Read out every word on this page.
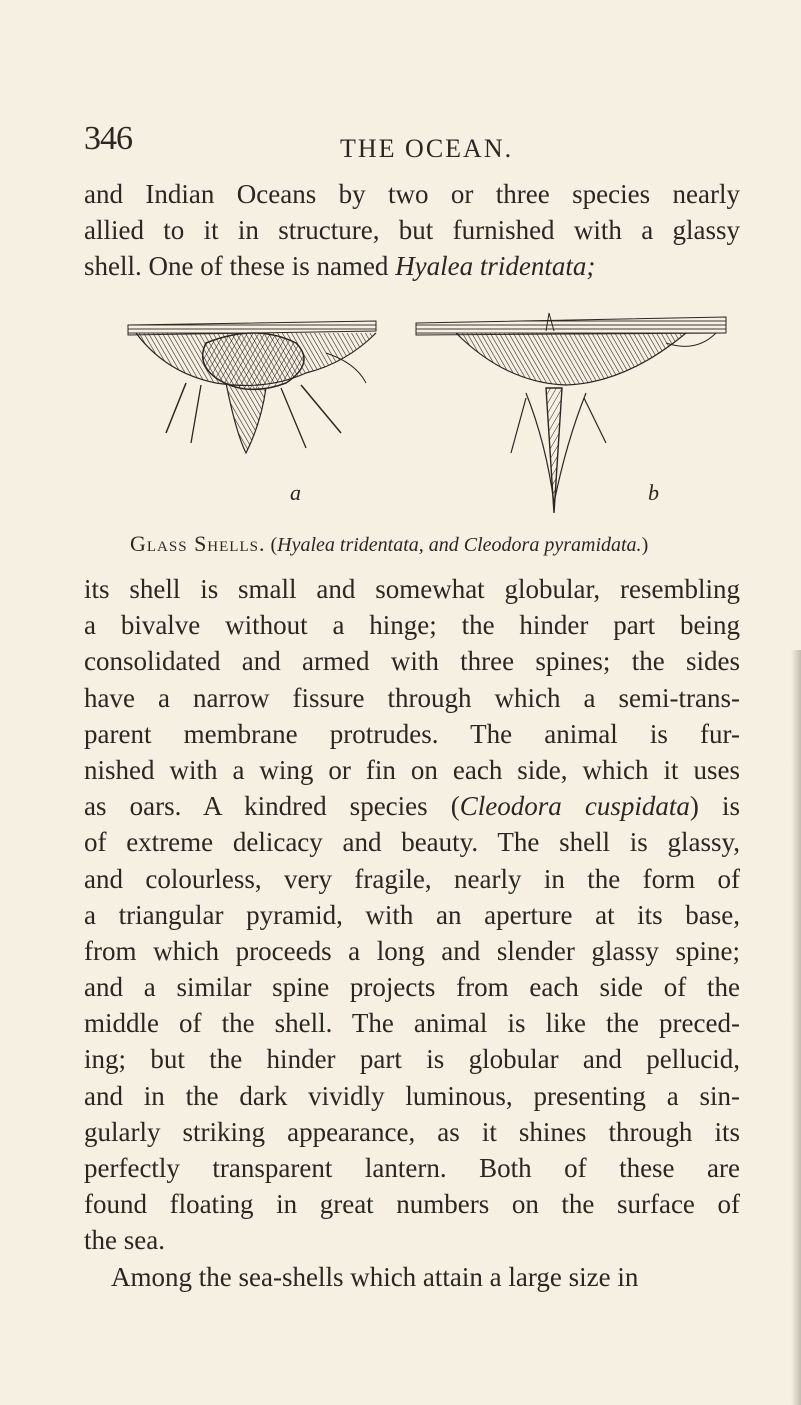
346	THE OCEAN.
and Indian Oceans by two or three species nearly
allied to it in structure, but furnished with a glassy
shell. One of these is named Hyalea tridentata;
a	b
Glass Shells. (Hyalea tridentata, and Cleodora pyramidata.)
its shell is small and somewhat globular, resembling
a bivalve without a hinge; the hinder part being
consolidated and armed with three spines; the sides
have a narrow fissure through which a semi-trans-
parent membrane protrudes. The animal is fur-
nished with a wing or fin on each side, which it uses
as oars. A kindred species (Cleodora cuspidata) is
of extreme delicacy and beauty. The shell is glassy,
and colourless, very fragile, nearly in the form of
a triangular pyramid, with an aperture at its base,
from which proceeds a long and slender glassy spine;
and a similar spine projects from each side of the
middle of the shell. The animal is like the preced-
ing; but the hinder part is globular and pellucid,
and in the dark vividly luminous, presenting a sin-
gularly striking appearance, as it shines through its
perfectly transparent lantern. Both of these are
found floating in great numbers on the surface of
the sea.
Among the sea-shells which attain a large size in
